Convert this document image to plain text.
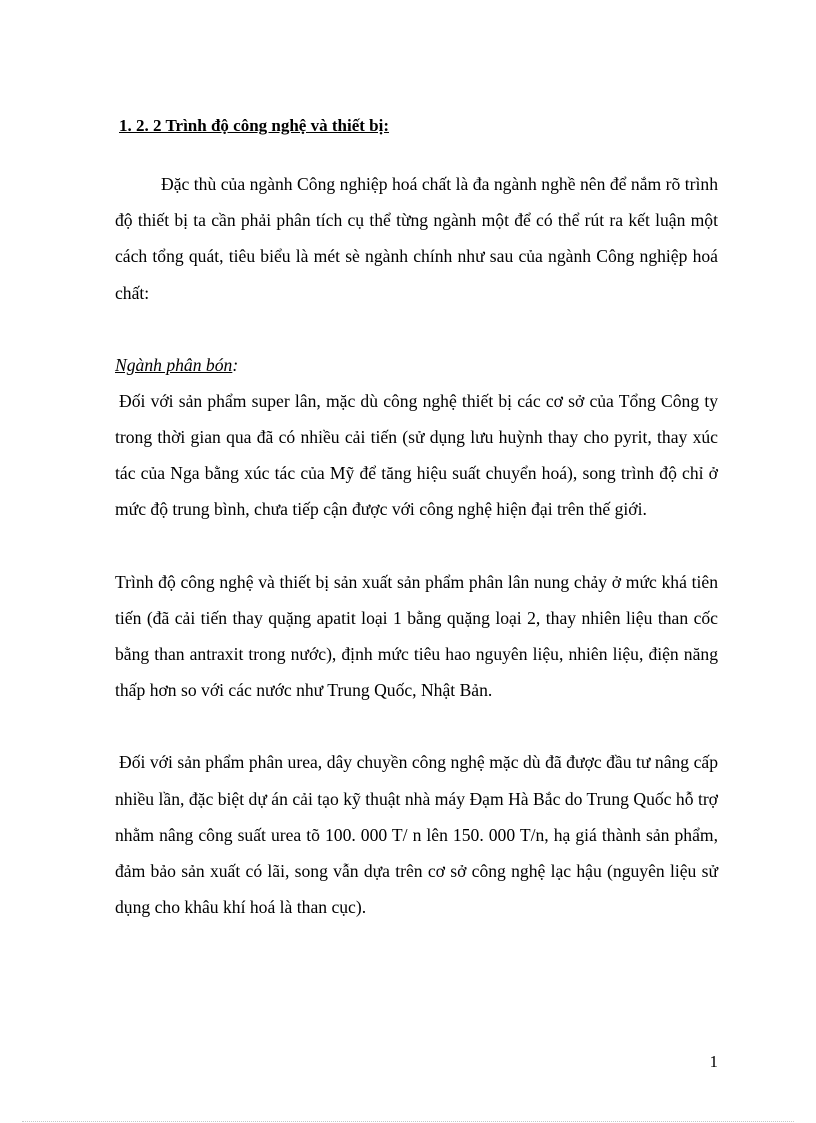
1. 2. 2 Trình độ công nghệ và thiết bị:

Đặc thù của ngành Công nghiệp hoá chất là đa ngành nghề nên để nắm rõ trình độ thiết bị ta cần phải phân tích cụ thể từng ngành một để có thể rút ra kết luận một cách tổng quát, tiêu biểu là mét sè ngành chính như sau của ngành Công nghiệp hoá chất:

Ngành phân bón:

Đối với sản phẩm super lân, mặc dù công nghệ thiết bị các cơ sở của Tổng Công ty trong thời gian qua đã có nhiều cải tiến (sử dụng lưu huỳnh thay cho pyrit, thay xúc tác của Nga bằng xúc tác của Mỹ để tăng hiệu suất chuyển hoá), song trình độ chỉ ở mức độ trung bình, chưa tiếp cận được với công nghệ hiện đại trên thế giới.

Trình độ công nghệ và thiết bị sản xuất sản phẩm phân lân nung chảy ở mức khá tiên tiến (đã cải tiến thay quặng apatit loại 1 bằng quặng loại 2, thay nhiên liệu than cốc bằng than antraxit trong nước), định mức tiêu hao nguyên liệu, nhiên liệu, điện năng thấp hơn so với các nước như Trung Quốc, Nhật Bản.

Đối với sản phẩm phân urea, dây chuyền công nghệ mặc dù đã được đầu tư nâng cấp nhiều lần, đặc biệt dự án cải tạo kỹ thuật nhà máy Đạm Hà Bắc do Trung Quốc hỗ trợ nhằm nâng công suất urea tõ 100. 000 T/ n lên 150. 000 T/n, hạ giá thành sản phẩm, đảm bảo sản xuất có lãi, song vẫn dựa trên cơ sở công nghệ lạc hậu (nguyên liệu sử dụng cho khâu khí hoá là than cục).

1
